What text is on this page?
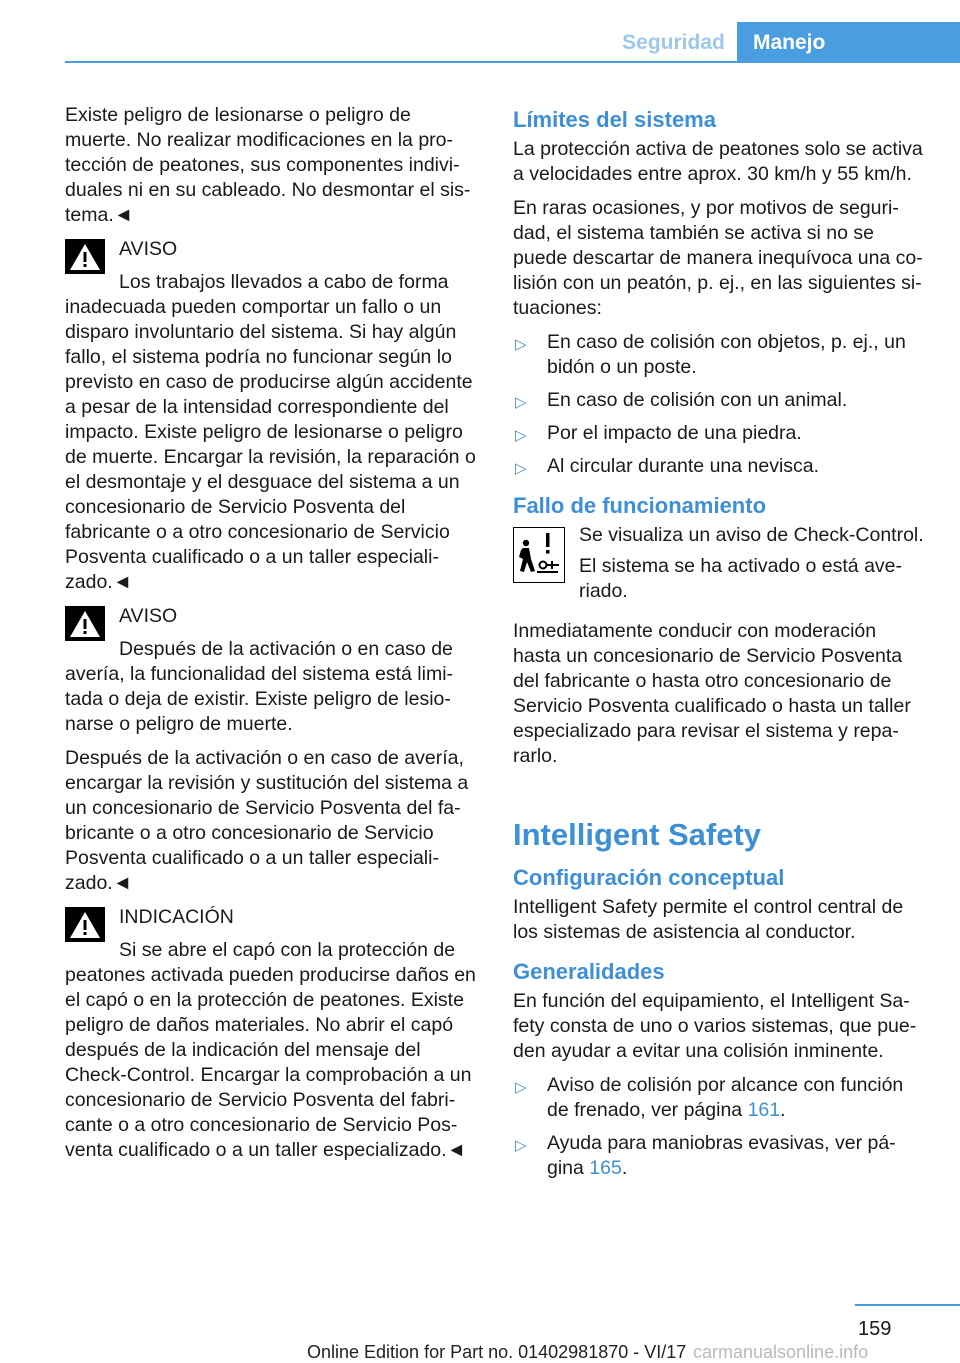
Seguridad	Manejo

Existe peligro de lesionarse o peligro de muerte. No realizar modificaciones en la protección de peatones, sus componentes individuales ni en su cableado. No desmontar el sistema.◄

AVISO
Los trabajos llevados a cabo de forma inadecuada pueden comportar un fallo o un disparo involuntario del sistema. Si hay algún fallo, el sistema podría no funcionar según lo previsto en caso de producirse algún accidente a pesar de la intensidad correspondiente del impacto. Existe peligro de lesionarse o peligro de muerte. Encargar la revisión, la reparación o el desmontaje y el desguace del sistema a un concesionario de Servicio Posventa del fabricante o a otro concesionario de Servicio Posventa cualificado o a un taller especializado.◄
AVISO
Después de la activación o en caso de avería, la funcionalidad del sistema está limitada o deja de existir. Existe peligro de lesionarse o peligro de muerte.

Después de la activación o en caso de avería, encargar la revisión y sustitución del sistema a un concesionario de Servicio Posventa del fabricante o a otro concesionario de Servicio Posventa cualificado o a un taller especializado.◄

INDICACIÓN
Si se abre el capó con la protección de peatones activada pueden producirse daños en el capó o en la protección de peatones. Existe peligro de daños materiales. No abrir el capó después de la indicación del mensaje del Check-Control. Encargar la comprobación a un concesionario de Servicio Posventa del fabricante o a otro concesionario de Servicio Posventa cualificado o a un taller especializado.◄
Límites del sistema

La protección activa de peatones solo se activa a velocidades entre aprox. 30 km/h y 55 km/h.

En raras ocasiones, y por motivos de seguridad, el sistema también se activa si no se puede descartar de manera inequívoca una colisión con un peatón, p. ej., en las siguientes situaciones:

▷ En caso de colisión con objetos, p. ej., un bidón o un poste.
▷ En caso de colisión con un animal.
▷ Por el impacto de una piedra.
▷ Al circular durante una nevisca.
Fallo de funcionamiento
Se visualiza un aviso de Check-Control.
El sistema se ha activado o está averiado.

Inmediatamente conducir con moderación hasta un concesionario de Servicio Posventa del fabricante o hasta otro concesionario de Servicio Posventa cualificado o hasta un taller especializado para revisar el sistema y repararlo.

Intelligent Safety
Configuración conceptual

Intelligent Safety permite el control central de los sistemas de asistencia al conductor.

Generalidades

En función del equipamiento, el Intelligent Safety consta de uno o varios sistemas, que pueden ayudar a evitar una colisión inminente.

▷ Aviso de colisión por alcance con función de frenado, ver página 161.
▷ Ayuda para maniobras evasivas, ver página 165.
159
Online Edition for Part no. 01402981870 - VI/17 carmanualsonline.info
